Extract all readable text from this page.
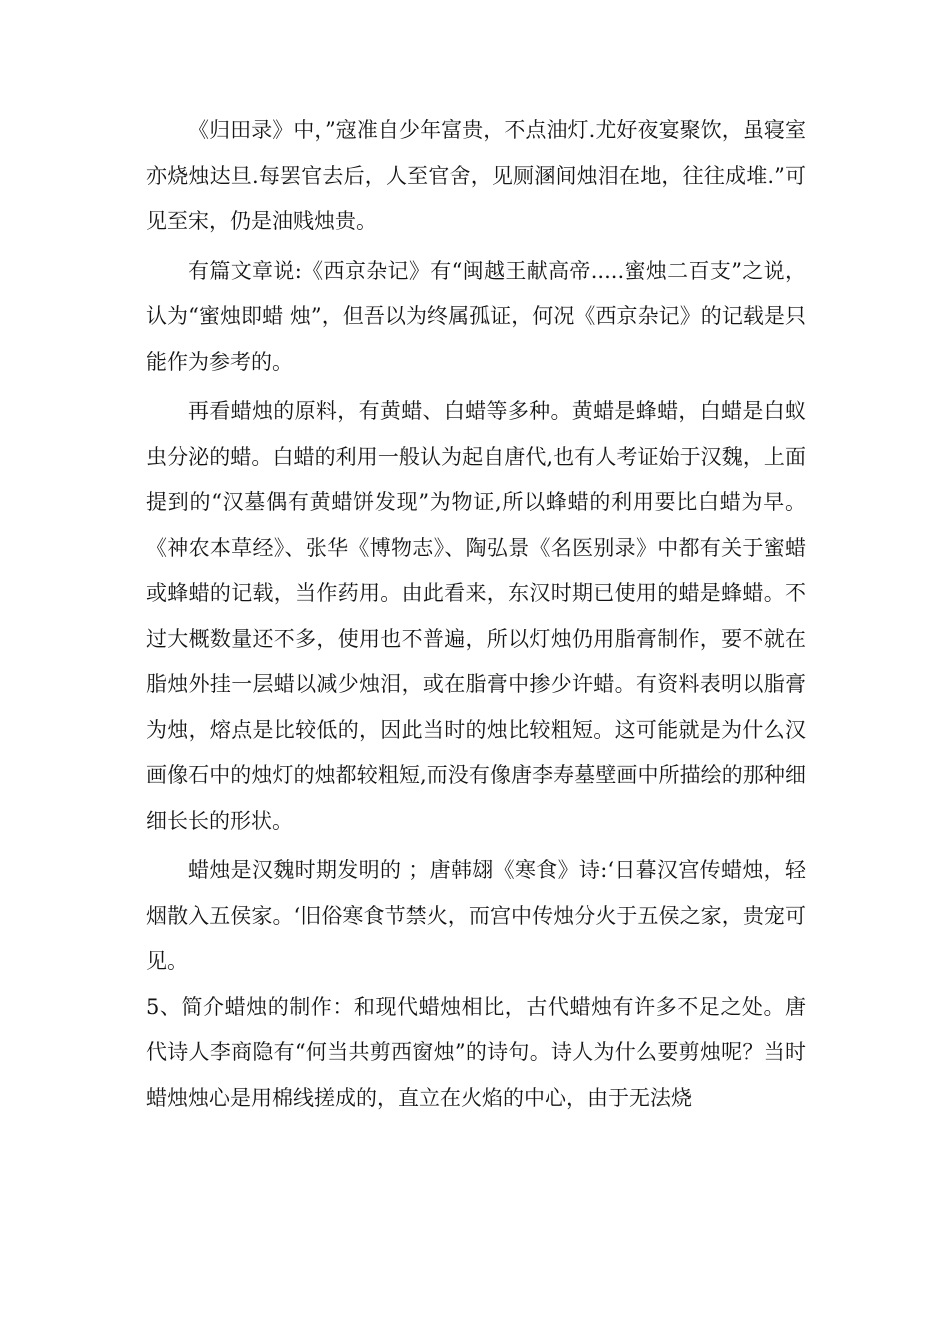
《归田录》中，”寇准自少年富贵，不点油灯.尤好夜宴聚饮，虽寝室亦烧烛达旦.每罢官去后，人至官舍，见厕溷间烛泪在地，往往成堆.”可见至宋，仍是油贱烛贵。

有篇文章说:《西京杂记》有“闽越王献高帝.....蜜烛二百支”之说，认为“蜜烛即蜡 烛”，但吾以为终属孤证，何况《西京杂记》的记载是只能作为参考的。

再看蜡烛的原料，有黄蜡、白蜡等多种。黄蜡是蜂蜡，白蜡是白蚁虫分泌的蜡。白蜡的利用一般认为起自唐代,也有人考证始于汉魏，上面提到的“汉墓偶有黄蜡饼发现”为物证,所以蜂蜡的利用要比白蜡为早。《神农本草经》、张华《博物志》、陶弘景《名医别录》中都有关于蜜蜡或蜂蜡的记载，当作药用。由此看来，东汉时期已使用的蜡是蜂蜡。不过大概数量还不多，使用也不普遍，所以灯烛仍用脂膏制作，要不就在脂烛外挂一层蜡以减少烛泪，或在脂膏中掺少许蜡。有资料表明以脂膏为烛，熔点是比较低的，因此当时的烛比较粗短。这可能就是为什么汉画像石中的烛灯的烛都较粗短,而没有像唐李寿墓壁画中所描绘的那种细细长长的形状。

蜡烛是汉魏时期发明的 ；唐韩翃《寒食》诗:‘日暮汉宫传蜡烛，轻烟散入五侯家。‘旧俗寒食节禁火，而宫中传烛分火于五侯之家，贵宠可见。

5、简介蜡烛的制作：和现代蜡烛相比，古代蜡烛有许多不足之处。唐代诗人李商隐有“何当共剪西窗烛”的诗句。诗人为什么要剪烛呢？当时蜡烛烛心是用棉线搓成的，直立在火焰的中心，由于无法烧
